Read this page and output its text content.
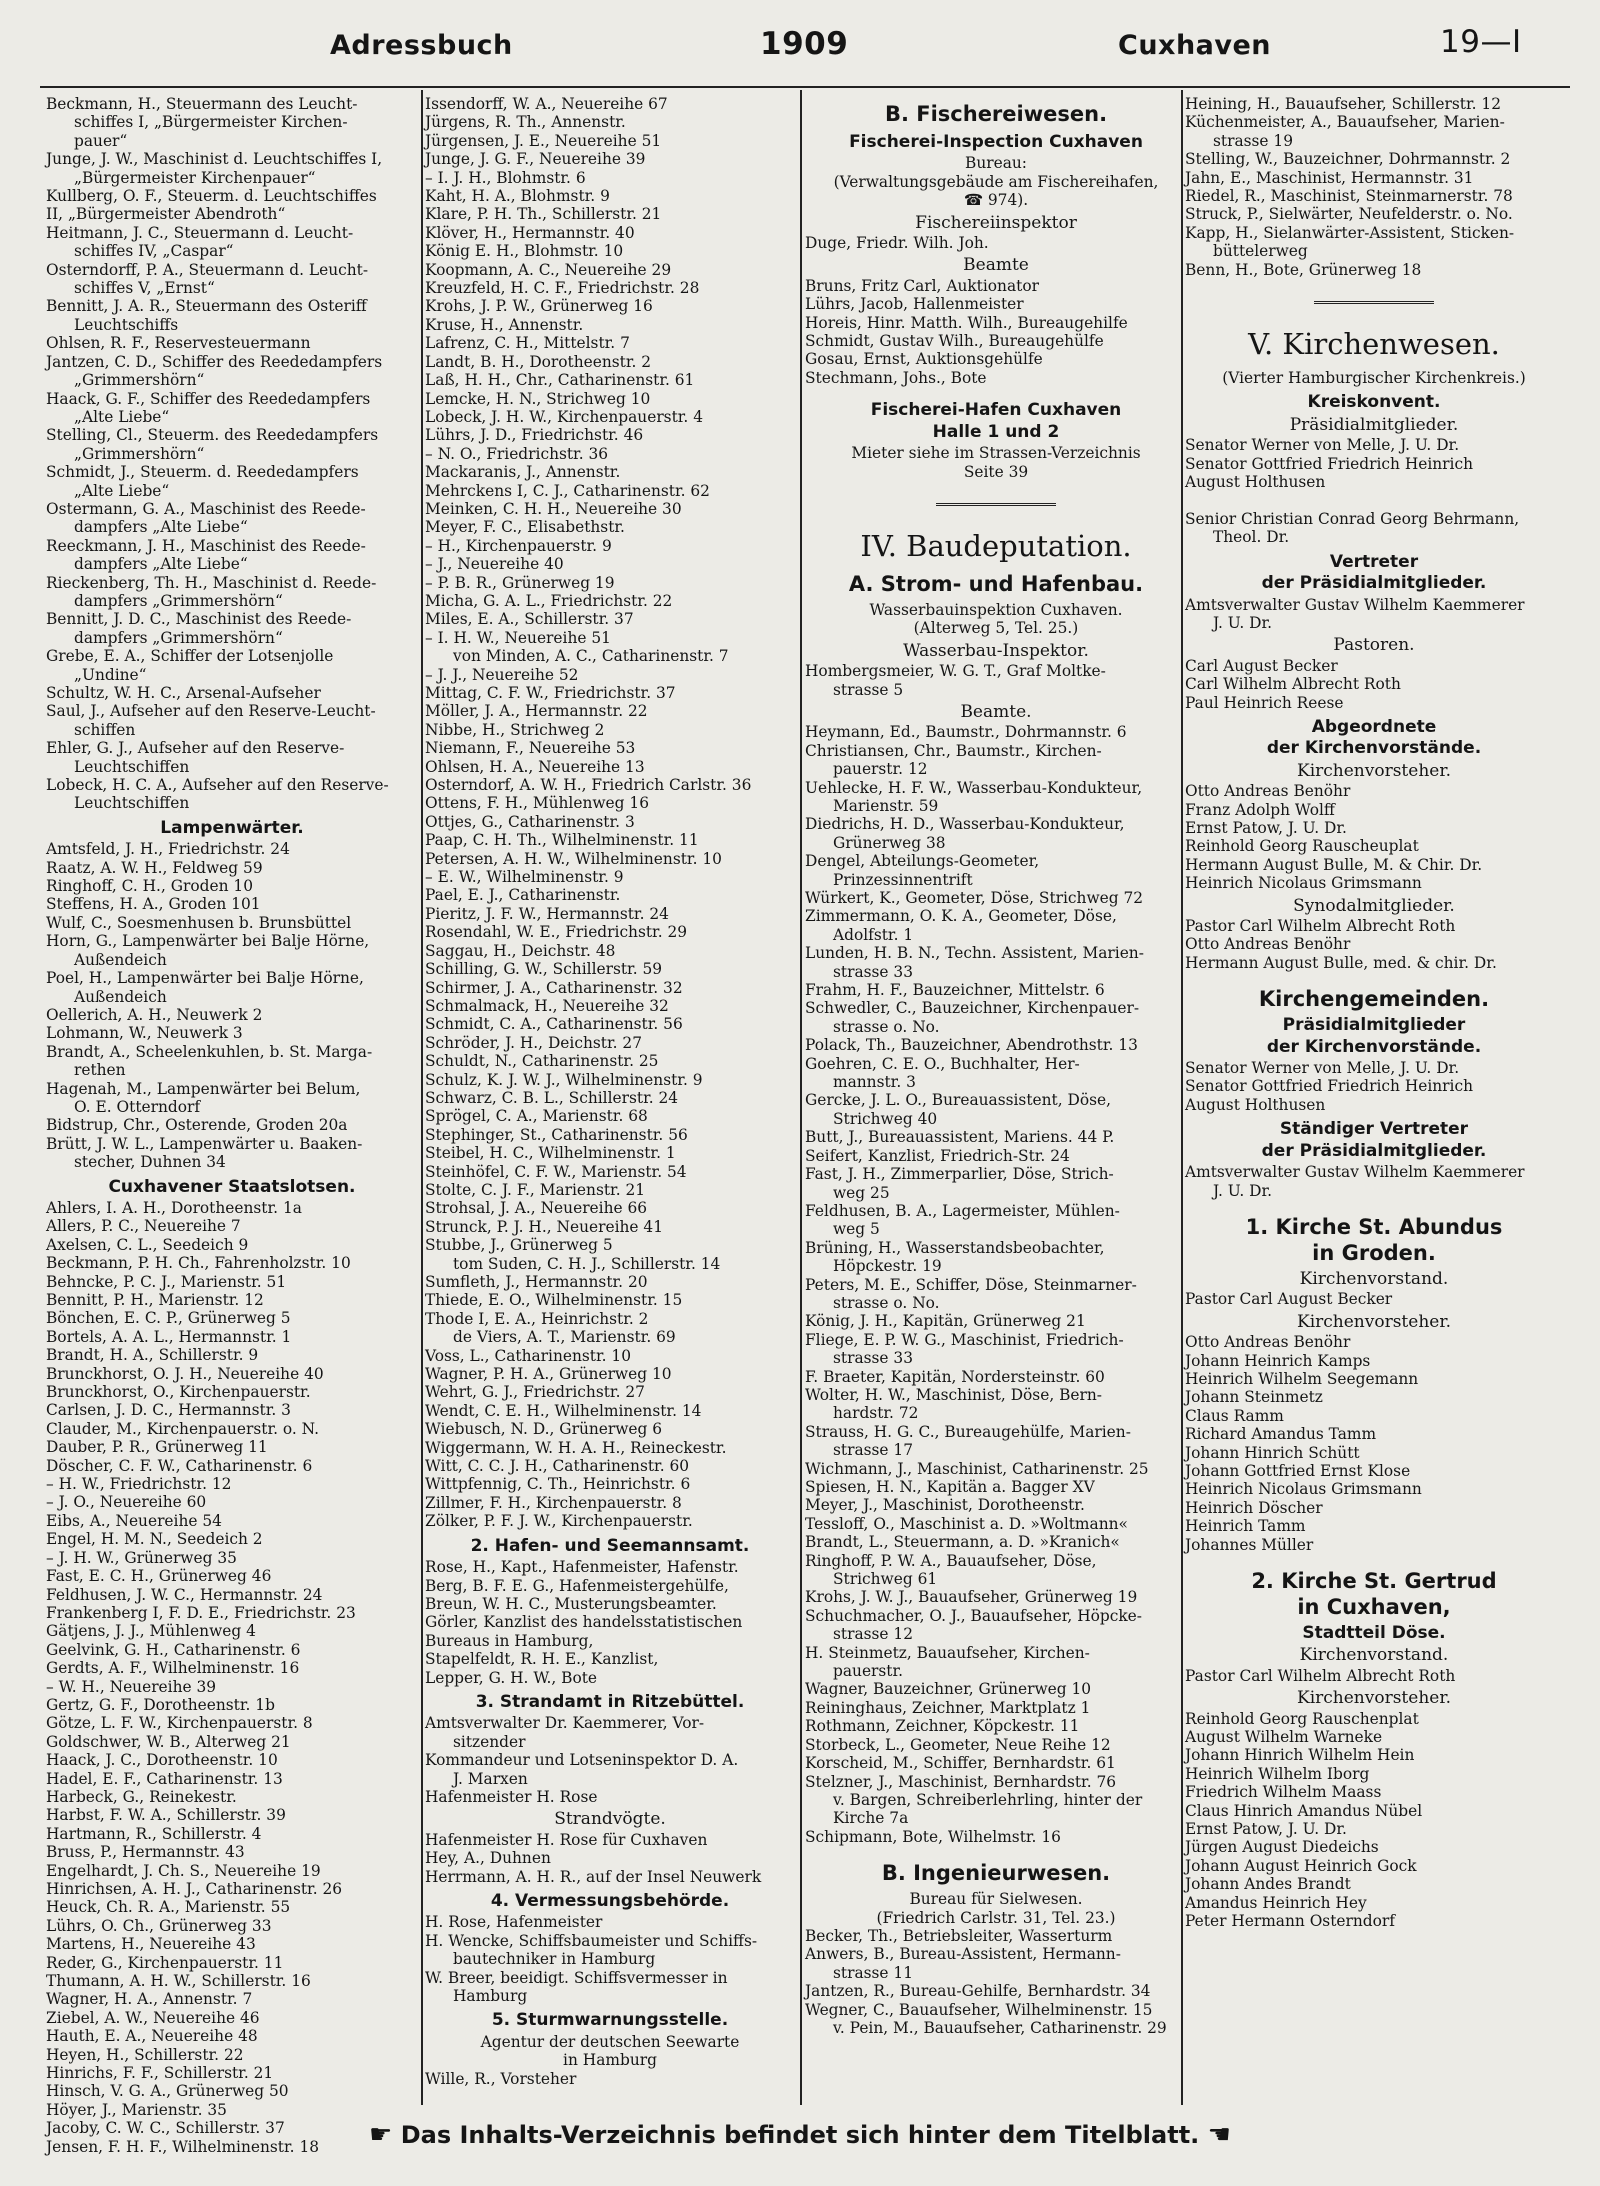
Adressbuch	1909	Cuxhaven	19—I
Beckmann, H., Steuermann des Leucht-
schiffes I, „Bürgermeister Kirchen-
pauer“
Junge, J. W., Maschinist d. Leuchtschiffes I,
„Bürgermeister Kirchenpauer“
Kullberg, O. F., Steuerm. d. Leuchtschiffes
II, „Bürgermeister Abendroth“
Heitmann, J. C., Steuermann d. Leucht-
schiffes IV, „Caspar“
Osterndorff, P. A., Steuermann d. Leucht-
schiffes V, „Ernst“
Bennitt, J. A. R., Steuermann des Osteriff
Leuchtschiffs
Ohlsen, R. F., Reservesteuermann
Jantzen, C. D., Schiffer des Reededampfers
„Grimmershörn“
Haack, G. F., Schiffer des Reededampfers
„Alte Liebe“
Stelling, Cl., Steuerm. des Reededampfers
„Grimmershörn“
Schmidt, J., Steuerm. d. Reededampfers
„Alte Liebe“
Ostermann, G. A., Maschinist des Reede-
dampfers „Alte Liebe“
Reeckmann, J. H., Maschinist des Reede-
dampfers „Alte Liebe“
Rieckenberg, Th. H., Maschinist d. Reede-
dampfers „Grimmershörn“
Bennitt, J. D. C., Maschinist des Reede-
dampfers „Grimmershörn“
Grebe, E. A., Schiffer der Lotsenjolle
„Undine“
Schultz, W. H. C., Arsenal-Aufseher
Saul, J., Aufseher auf den Reserve-Leucht-
schiffen
Ehler, G. J., Aufseher auf den Reserve-
Leuchtschiffen
Lobeck, H. C. A., Aufseher auf den Reserve-
Leuchtschiffen
Lampenwärter.
Amtsfeld, J. H., Friedrichstr. 24
Raatz, A. W. H., Feldweg 59
Ringhoff, C. H., Groden 10
Steffens, H. A., Groden 101
Wulf, C., Soesmenhusen b. Brunsbüttel
Horn, G., Lampenwärter bei Balje Hörne,
Außendeich
Poel, H., Lampenwärter bei Balje Hörne,
Außendeich
Oellerich, A. H., Neuwerk 2
Lohmann, W., Neuwerk 3
Brandt, A., Scheelenkuhlen, b. St. Marga-
rethen
Hagenah, M., Lampenwärter bei Belum,
O. E. Otterndorf
Bidstrup, Chr., Osterende, Groden 20a
Brütt, J. W. L., Lampenwärter u. Baaken-
stecher, Duhnen 34
Cuxhavener Staatslotsen.
Ahlers, I. A. H., Dorotheenstr. 1a
Allers, P. C., Neuereihe 7
Axelsen, C. L., Seedeich 9
Beckmann, P. H. Ch., Fahrenholzstr. 10
Behncke, P. C. J., Marienstr. 51
Bennitt, P. H., Marienstr. 12
Bönchen, E. C. P., Grünerweg 5
Bortels, A. A. L., Hermannstr. 1
Brandt, H. A., Schillerstr. 9
Brunckhorst, O. J. H., Neuereihe 40
Brunckhorst, O., Kirchenpauerstr.
Carlsen, J. D. C., Hermannstr. 3
Clauder, M., Kirchenpauerstr. o. N.
Dauber, P. R., Grünerweg 11
Döscher, C. F. W., Catharinenstr. 6
– H. W., Friedrichstr. 12
– J. O., Neuereihe 60
Eibs, A., Neuereihe 54
Engel, H. M. N., Seedeich 2
– J. H. W., Grünerweg 35
Fast, E. C. H., Grünerweg 46
Feldhusen, J. W. C., Hermannstr. 24
Frankenberg I, F. D. E., Friedrichstr. 23
Gätjens, J. J., Mühlenweg 4
Geelvink, G. H., Catharinenstr. 6
Gerdts, A. F., Wilhelminenstr. 16
– W. H., Neuereihe 39
Gertz, G. F., Dorotheenstr. 1b
Götze, L. F. W., Kirchenpauerstr. 8
Goldschwer, W. B., Alterweg 21
Haack, J. C., Dorotheenstr. 10
Hadel, E. F., Catharinenstr. 13
Harbeck, G., Reinekestr.
Harbst, F. W. A., Schillerstr. 39
Hartmann, R., Schillerstr. 4
Bruss, P., Hermannstr. 43
Engelhardt, J. Ch. S., Neuereihe 19
Hinrichsen, A. H. J., Catharinenstr. 26
Heuck, Ch. R. A., Marienstr. 55
Lührs, O. Ch., Grünerweg 33
Martens, H., Neuereihe 43
Reder, G., Kirchenpauerstr. 11
Thumann, A. H. W., Schillerstr. 16
Wagner, H. A., Annenstr. 7
Ziebel, A. W., Neuereihe 46
Hauth, E. A., Neuereihe 48
Heyen, H., Schillerstr. 22
Hinrichs, F. F., Schillerstr. 21
Hinsch, V. G. A., Grünerweg 50
Höyer, J., Marienstr. 35
Jacoby, C. W. C., Schillerstr. 37
Jensen, F. H. F., Wilhelminenstr. 18
Issendorff, W. A., Neuereihe 67
Jürgens, R. Th., Annenstr.
Jürgensen, J. E., Neuereihe 51
Junge, J. G. F., Neuereihe 39
– I. J. H., Blohmstr. 6
Kaht, H. A., Blohmstr. 9
Klare, P. H. Th., Schillerstr. 21
Klöver, H., Hermannstr. 40
König E. H., Blohmstr. 10
Koopmann, A. C., Neuereihe 29
Kreuzfeld, H. C. F., Friedrichstr. 28
Krohs, J. P. W., Grünerweg 16
Kruse, H., Annenstr.
Lafrenz, C. H., Mittelstr. 7
Landt, B. H., Dorotheenstr. 2
Laß, H. H., Chr., Catharinenstr. 61
Lemcke, H. N., Strichweg 10
Lobeck, J. H. W., Kirchenpauerstr. 4
Lührs, J. D., Friedrichstr. 46
– N. O., Friedrichstr. 36
Mackaranis, J., Annenstr.
Mehrckens I, C. J., Catharinenstr. 62
Meinken, C. H. H., Neuereihe 30
Meyer, F. C., Elisabethstr.
– H., Kirchenpauerstr. 9
– J., Neuereihe 40
– P. B. R., Grünerweg 19
Micha, G. A. L., Friedrichstr. 22
Miles, E. A., Schillerstr. 37
– I. H. W., Neuereihe 51
von Minden, A. C., Catharinenstr. 7
– J. J., Neuereihe 52
Mittag, C. F. W., Friedrichstr. 37
Möller, J. A., Hermannstr. 22
Nibbe, H., Strichweg 2
Niemann, F., Neuereihe 53
Ohlsen, H. A., Neuereihe 13
Osterndorf, A. W. H., Friedrich Carlstr. 36
Ottens, F. H., Mühlenweg 16
Ottjes, G., Catharinenstr. 3
Paap, C. H. Th., Wilhelminenstr. 11
Petersen, A. H. W., Wilhelminenstr. 10
– E. W., Wilhelminenstr. 9
Pael, E. J., Catharinenstr.
Pieritz, J. F. W., Hermannstr. 24
Rosendahl, W. E., Friedrichstr. 29
Saggau, H., Deichstr. 48
Schilling, G. W., Schillerstr. 59
Schirmer, J. A., Catharinenstr. 32
Schmalmack, H., Neuereihe 32
Schmidt, C. A., Catharinenstr. 56
Schröder, J. H., Deichstr. 27
Schuldt, N., Catharinenstr. 25
Schulz, K. J. W. J., Wilhelminenstr. 9
Schwarz, C. B. L., Schillerstr. 24
Sprögel, C. A., Marienstr. 68
Stephinger, St., Catharinenstr. 56
Steibel, H. C., Wilhelminenstr. 1
Steinhöfel, C. F. W., Marienstr. 54
Stolte, C. J. F., Marienstr. 21
Strohsal, J. A., Neuereihe 66
Strunck, P. J. H., Neuereihe 41
Stubbe, J., Grünerweg 5
tom Suden, C. H. J., Schillerstr. 14
Sumfleth, J., Hermannstr. 20
Thiede, E. O., Wilhelminenstr. 15
Thode I, E. A., Heinrichstr. 2
de Viers, A. T., Marienstr. 69
Voss, L., Catharinenstr. 10
Wagner, P. H. A., Grünerweg 10
Wehrt, G. J., Friedrichstr. 27
Wendt, C. E. H., Wilhelminenstr. 14
Wiebusch, N. D., Grünerweg 6
Wiggermann, W. H. A. H., Reineckestr.
Witt, C. C. J. H., Catharinenstr. 60
Wittpfennig, C. Th., Heinrichstr. 6
Zillmer, F. H., Kirchenpauerstr. 8
Zölker, P. F. J. W., Kirchenpauerstr.
2. Hafen- und Seemannsamt.
Rose, H., Kapt., Hafenmeister, Hafenstr.
Berg, B. F. E. G., Hafenmeistergehülfe,
Breun, W. H. C., Musterungsbeamter.
Görler, Kanzlist des handelsstatistischen
Bureaus in Hamburg,
Stapelfeldt, R. H. E., Kanzlist,
Lepper, G. H. W., Bote
3. Strandamt in Ritzebüttel.
Amtsverwalter Dr. Kaemmerer, Vor-
sitzender
Kommandeur und Lotseninspektor D. A.
J. Marxen
Hafenmeister H. Rose
Strandvögte.
Hafenmeister H. Rose für Cuxhaven
Hey, A., Duhnen
Herrmann, A. H. R., auf der Insel Neuwerk
4. Vermessungsbehörde.
H. Rose, Hafenmeister
H. Wencke, Schiffsbaumeister und Schiffs-
bautechniker in Hamburg
W. Breer, beeidigt. Schiffsvermesser in
Hamburg
5. Sturmwarnungsstelle.
Agentur der deutschen Seewarte
in Hamburg
Wille, R., Vorsteher
B. Fischereiwesen.
Fischerei-Inspection Cuxhaven
Bureau:
(Verwaltungsgebäude am Fischereihafen,
☎ 974).
Fischereiinspektor
Duge, Friedr. Wilh. Joh.
Beamte
Bruns, Fritz Carl, Auktionator
Lührs, Jacob, Hallenmeister
Horeis, Hinr. Matth. Wilh., Bureaugehilfe
Schmidt, Gustav Wilh., Bureaugehülfe
Gosau, Ernst, Auktionsgehülfe
Stechmann, Johs., Bote
Fischerei-Hafen Cuxhaven
Halle 1 und 2
Mieter siehe im Strassen-Verzeichnis
Seite 39
IV. Baudeputation.
A. Strom- und Hafenbau.
Wasserbauinspektion Cuxhaven.
(Alterweg 5, Tel. 25.)
Wasserbau-Inspektor.
Hombergsmeier, W. G. T., Graf Moltke-
strasse 5
Beamte.
Heymann, Ed., Baumstr., Dohrmannstr. 6
Christiansen, Chr., Baumstr., Kirchen-
pauerstr. 12
Uehlecke, H. F. W., Wasserbau-Kondukteur,
Marienstr. 59
Diedrichs, H. D., Wasserbau-Kondukteur,
Grünerweg 38
Dengel, Abteilungs-Geometer,
Prinzessinnentrift
Würkert, K., Geometer, Döse, Strichweg 72
Zimmermann, O. K. A., Geometer, Döse,
Adolfstr. 1
Lunden, H. B. N., Techn. Assistent, Marien-
strasse 33
Frahm, H. F., Bauzeichner, Mittelstr. 6
Schwedler, C., Bauzeichner, Kirchenpauer-
strasse o. No.
Polack, Th., Bauzeichner, Abendrothstr. 13
Goehren, C. E. O., Buchhalter, Her-
mannstr. 3
Gercke, J. L. O., Bureauassistent, Döse,
Strichweg 40
Butt, J., Bureauassistent, Mariens. 44 P.
Seifert, Kanzlist, Friedrich-Str. 24
Fast, J. H., Zimmerparlier, Döse, Strich-
weg 25
Feldhusen, B. A., Lagermeister, Mühlen-
weg 5
Brüning, H., Wasserstandsbeobachter,
Höpckestr. 19
Peters, M. E., Schiffer, Döse, Steinmarner-
strasse o. No.
König, J. H., Kapitän, Grünerweg 21
Fliege, E. P. W. G., Maschinist, Friedrich-
strasse 33
F. Braeter, Kapitän, Nordersteinstr. 60
Wolter, H. W., Maschinist, Döse, Bern-
hardstr. 72
Strauss, H. G. C., Bureaugehülfe, Marien-
strasse 17
Wichmann, J., Maschinist, Catharinenstr. 25
Spiesen, H. N., Kapitän a. Bagger XV
Meyer, J., Maschinist, Dorotheenstr.
Tessloff, O., Maschinist a. D. »Woltmann«
Brandt, L., Steuermann, a. D. »Kranich«
Ringhoff, P. W. A., Bauaufseher, Döse,
Strichweg 61
Krohs, J. W. J., Bauaufseher, Grünerweg 19
Schuchmacher, O. J., Bauaufseher, Höpcke-
strasse 12
H. Steinmetz, Bauaufseher, Kirchen-
pauerstr.
Wagner, Bauzeichner, Grünerweg 10
Reininghaus, Zeichner, Marktplatz 1
Rothmann, Zeichner, Köpckestr. 11
Storbeck, L., Geometer, Neue Reihe 12
Korscheid, M., Schiffer, Bernhardstr. 61
Stelzner, J., Maschinist, Bernhardstr. 76
v. Bargen, Schreiberlehrling, hinter der
Kirche 7a
Schipmann, Bote, Wilhelmstr. 16
B. Ingenieurwesen.
Bureau für Sielwesen.
(Friedrich Carlstr. 31, Tel. 23.)
Becker, Th., Betriebsleiter, Wasserturm
Anwers, B., Bureau-Assistent, Hermann-
strasse 11
Jantzen, R., Bureau-Gehilfe, Bernhardstr. 34
Wegner, C., Bauaufseher, Wilhelminenstr. 15
v. Pein, M., Bauaufseher, Catharinenstr. 29
Heining, H., Bauaufseher, Schillerstr. 12
Küchenmeister, A., Bauaufseher, Marien-
strasse 19
Stelling, W., Bauzeichner, Dohrmannstr. 2
Jahn, E., Maschinist, Hermannstr. 31
Riedel, R., Maschinist, Steinmarnerstr. 78
Struck, P., Sielwärter, Neufelderstr. o. No.
Kapp, H., Sielanwärter-Assistent, Sticken-
büttelerweg
Benn, H., Bote, Grünerweg 18
V. Kirchenwesen.
(Vierter Hamburgischer Kirchenkreis.)
Kreiskonvent.
Präsidialmitglieder.
Senator Werner von Melle, J. U. Dr.
Senator Gottfried Friedrich Heinrich
August Holthusen

Senior Christian Conrad Georg Behrmann,
Theol. Dr.
Vertreter
der Präsidialmitglieder.
Amtsverwalter Gustav Wilhelm Kaemmerer
J. U. Dr.
Pastoren.
Carl August Becker
Carl Wilhelm Albrecht Roth
Paul Heinrich Reese
Abgeordnete
der Kirchenvorstände.
Kirchenvorsteher.
Otto Andreas Benöhr
Franz Adolph Wolff
Ernst Patow, J. U. Dr.
Reinhold Georg Rauscheuplat
Hermann August Bulle, M. & Chir. Dr.
Heinrich Nicolaus Grimsmann
Synodalmitglieder.
Pastor Carl Wilhelm Albrecht Roth
Otto Andreas Benöhr
Hermann August Bulle, med. & chir. Dr.
Kirchengemeinden.
Präsidialmitglieder
der Kirchenvorstände.
Senator Werner von Melle, J. U. Dr.
Senator Gottfried Friedrich Heinrich
August Holthusen
Ständiger Vertreter
der Präsidialmitglieder.
Amtsverwalter Gustav Wilhelm Kaemmerer
J. U. Dr.
1. Kirche St. Abundus
in Groden.
Kirchenvorstand.
Pastor Carl August Becker
Kirchenvorsteher.
Otto Andreas Benöhr
Johann Heinrich Kamps
Heinrich Wilhelm Seegemann
Johann Steinmetz
Claus Ramm
Richard Amandus Tamm
Johann Hinrich Schütt
Johann Gottfried Ernst Klose
Heinrich Nicolaus Grimsmann
Heinrich Döscher
Heinrich Tamm
Johannes Müller
2. Kirche St. Gertrud
in Cuxhaven,
Stadtteil Döse.
Kirchenvorstand.
Pastor Carl Wilhelm Albrecht Roth
Kirchenvorsteher.
Reinhold Georg Rauschenplat
August Wilhelm Warneke
Johann Hinrich Wilhelm Hein
Heinrich Wilhelm Iborg
Friedrich Wilhelm Maass
Claus Hinrich Amandus Nübel
Ernst Patow, J. U. Dr.
Jürgen August Diedeichs
Johann August Heinrich Gock
Johann Andes Brandt
Amandus Heinrich Hey
Peter Hermann Osterndorf
☛ Das Inhalts-Verzeichnis befindet sich hinter dem Titelblatt. ☚
